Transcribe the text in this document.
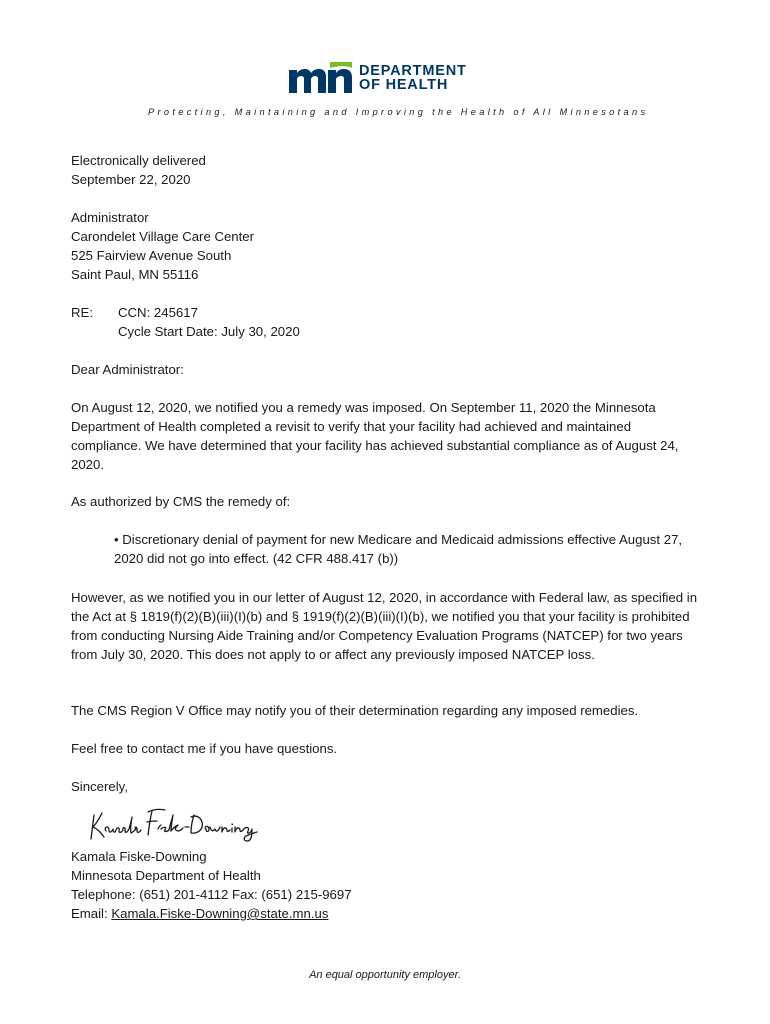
DEPARTMENT
OF HEALTH
Protecting, Maintaining and Improving the Health of All Minnesotans

Electronically delivered

September 22, 2020

Administrator

Carondelet Village Care Center

525 Fairview Avenue South

Saint Paul, MN 55116

RE:	CCN: 245617

Cycle Start Date: July 30, 2020

Dear Administrator:

On August 12, 2020, we notified you a remedy was imposed. On September 11, 2020 the Minnesota Department of Health completed a revisit to verify that your facility had achieved and maintained compliance. We have determined that your facility has achieved substantial compliance as of August 24, 2020.

As authorized by CMS the remedy of:

• Discretionary denial of payment for new Medicare and Medicaid admissions effective August 27, 2020 did not go into effect. (42 CFR 488.417 (b))

However, as we notified you in our letter of August 12, 2020, in accordance with Federal law, as specified in the Act at § 1819(f)(2)(B)(iii)(I)(b) and § 1919(f)(2)(B)(iii)(I)(b), we notified you that your facility is prohibited from conducting Nursing Aide Training and/or Competency Evaluation Programs (NATCEP) for two years from July 30, 2020. This does not apply to or affect any previously imposed NATCEP loss.

The CMS Region V Office may notify you of their determination regarding any imposed remedies.

Feel free to contact me if you have questions.

Sincerely,

Kamala Fiske-Downing

Minnesota Department of Health

Telephone: (651) 201-4112 Fax: (651) 215-9697

Email: Kamala.Fiske-Downing@state.mn.us

An equal opportunity employer.
